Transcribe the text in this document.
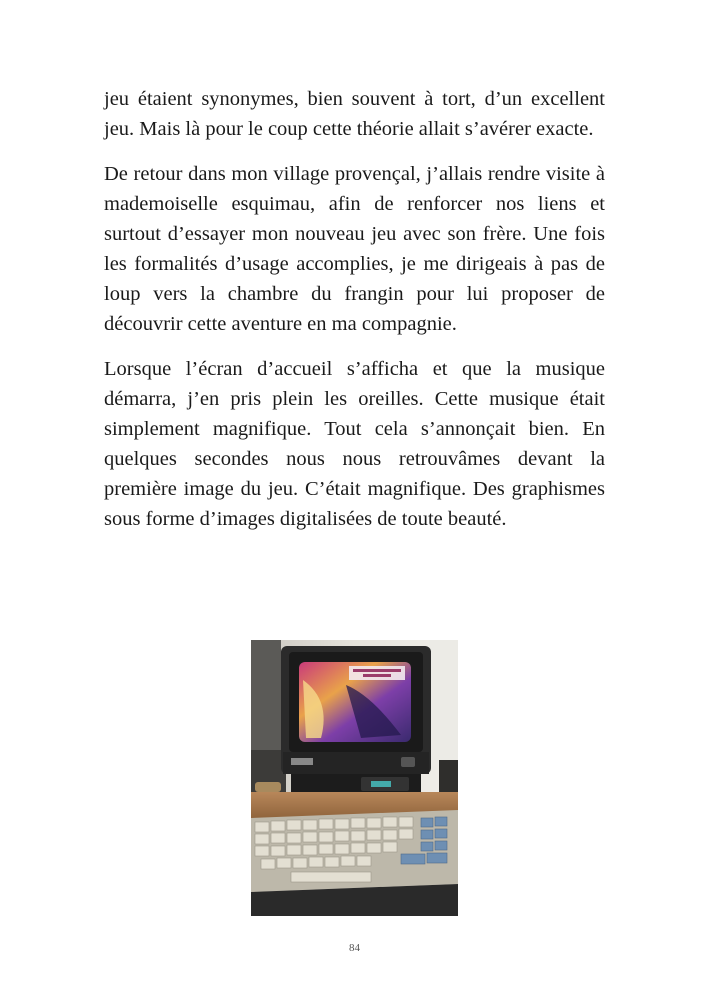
jeu étaient synonymes, bien souvent à tort, d’un excellent jeu. Mais là pour le coup cette théorie allait s’avérer exacte.

De retour dans mon village provençal, j’allais rendre visite à mademoiselle esquimau, afin de renforcer nos liens et surtout d’essayer mon nouveau jeu avec son frère. Une fois les formalités d’usage accomplies, je me dirigeais à pas de loup vers la chambre du frangin pour lui proposer de découvrir cette aventure en ma compagnie.

Lorsque l’écran d’accueil s’afficha et que la musique démarra, j’en pris plein les oreilles. Cette musique était simplement magnifique. Tout cela s’annonçait bien. En quelques secondes nous nous retrouvâmes devant la première image du jeu. C’était magnifique. Des graphismes sous forme d’images digitalisées de toute beauté.

84
